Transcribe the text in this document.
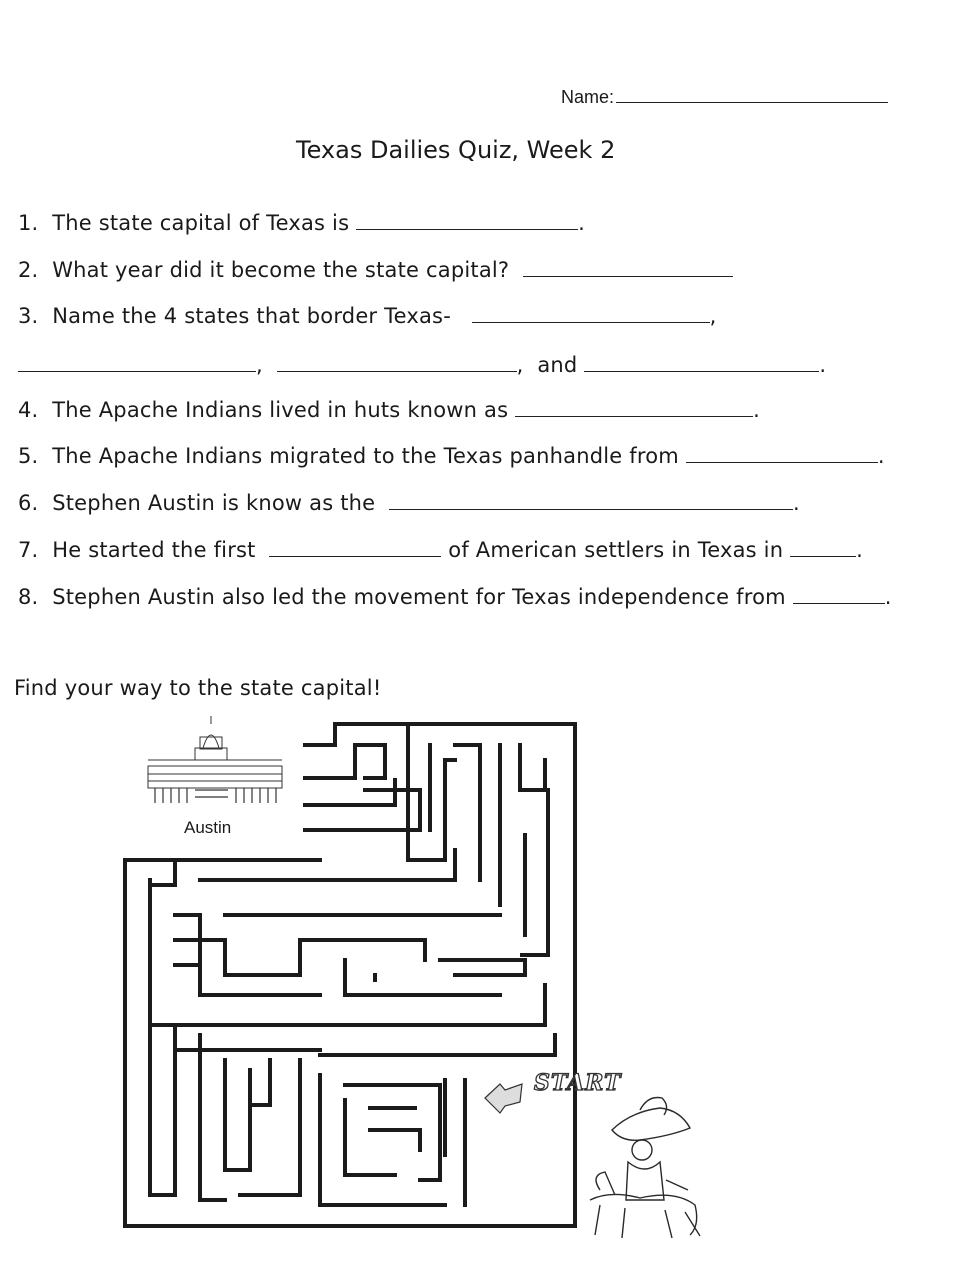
Name:
Texas Dailies Quiz, Week 2
1. The state capital of Texas is	.
2. What year did it become the state capital?
3. Name the 4 states that border Texas-	,
,	, and	.
4. The Apache Indians lived in huts known as	.
5. The Apache Indians migrated to the Texas panhandle from	.
6. Stephen Austin is know as the	.
7. He started the first	of American settlers in Texas in	.
8. Stephen Austin also led the movement for Texas independence from	.
Find your way to the state capital!
START
Austin
